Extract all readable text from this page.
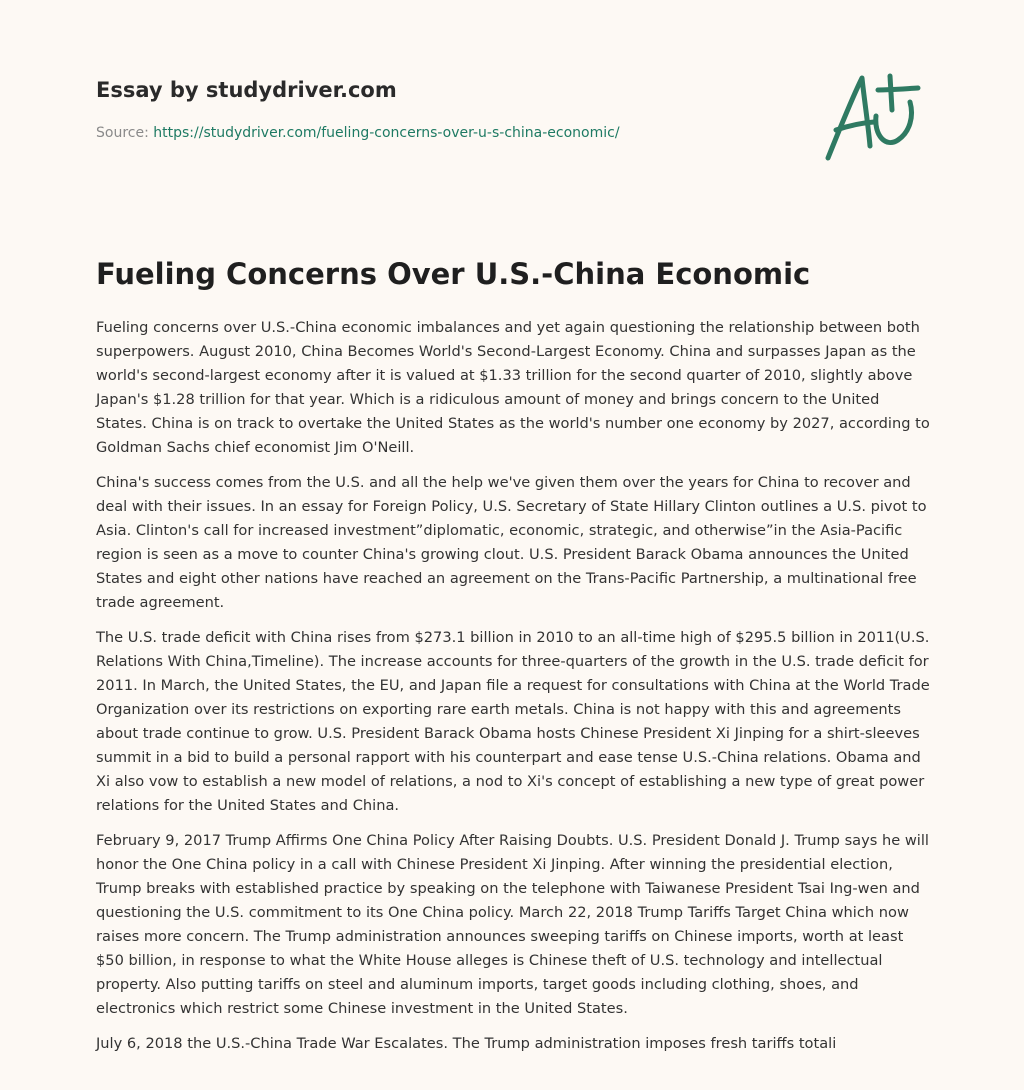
Essay by studydriver.com
Source: https://studydriver.com/fueling-concerns-over-u-s-china-economic/
Fueling Concerns Over U.S.-China Economic

Fueling concerns over U.S.-China economic imbalances and yet again questioning the relationship between both superpowers. August 2010, China Becomes World's Second-Largest Economy. China and surpasses Japan as the world's second-largest economy after it is valued at $1.33 trillion for the second quarter of 2010, slightly above Japan's $1.28 trillion for that year. Which is a ridiculous amount of money and brings concern to the United States. China is on track to overtake the United States as the world's number one economy by 2027, according to Goldman Sachs chief economist Jim O'Neill.

China's success comes from the U.S. and all the help we've given them over the years for China to recover and deal with their issues. In an essay for Foreign Policy, U.S. Secretary of State Hillary Clinton outlines a U.S. pivot to Asia. Clinton's call for increased investment”diplomatic, economic, strategic, and otherwise”in the Asia-Pacific region is seen as a move to counter China's growing clout. U.S. President Barack Obama announces the United States and eight other nations have reached an agreement on the Trans-Pacific Partnership, a multinational free trade agreement.

The U.S. trade deficit with China rises from $273.1 billion in 2010 to an all-time high of $295.5 billion in 2011(U.S. Relations With China,Timeline). The increase accounts for three-quarters of the growth in the U.S. trade deficit for 2011. In March, the United States, the EU, and Japan file a request for consultations with China at the World Trade Organization over its restrictions on exporting rare earth metals. China is not happy with this and agreements about trade continue to grow. U.S. President Barack Obama hosts Chinese President Xi Jinping for a shirt-sleeves summit in a bid to build a personal rapport with his counterpart and ease tense U.S.-China relations. Obama and Xi also vow to establish a new model of relations, a nod to Xi's concept of establishing a new type of great power relations for the United States and China.

February 9, 2017 Trump Affirms One China Policy After Raising Doubts. U.S. President Donald J. Trump says he will honor the One China policy in a call with Chinese President Xi Jinping. After winning the presidential election, Trump breaks with established practice by speaking on the telephone with Taiwanese President Tsai Ing-wen and questioning the U.S. commitment to its One China policy. March 22, 2018 Trump Tariffs Target China which now raises more concern. The Trump administration announces sweeping tariffs on Chinese imports, worth at least $50 billion, in response to what the White House alleges is Chinese theft of U.S. technology and intellectual property. Also putting tariffs on steel and aluminum imports, target goods including clothing, shoes, and electronics which restrict some Chinese investment in the United States.

July 6, 2018 the U.S.-China Trade War Escalates. The Trump administration imposes fresh tariffs totali
